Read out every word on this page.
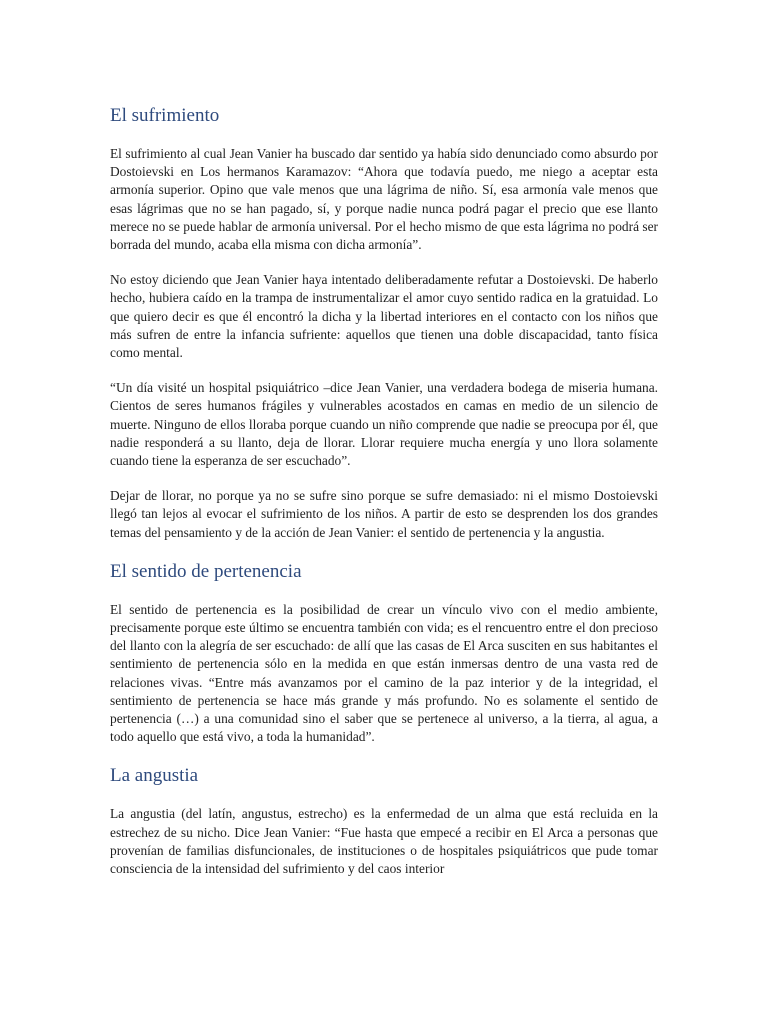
El sufrimiento

El sufrimiento al cual Jean Vanier ha buscado dar sentido ya había sido denunciado como absurdo por Dostoievski en Los hermanos Karamazov: “Ahora que todavía puedo, me niego a aceptar esta armonía superior. Opino que vale menos que una lágrima de niño. Sí, esa armonía vale menos que esas lágrimas que no se han pagado, sí, y porque nadie nunca podrá pagar el precio que ese llanto merece no se puede hablar de armonía universal. Por el hecho mismo de que esta lágrima no podrá ser borrada del mundo, acaba ella misma con dicha armonía”.

No estoy diciendo que Jean Vanier haya intentado deliberadamente refutar a Dostoievski. De haberlo hecho, hubiera caído en la trampa de instrumentalizar el amor cuyo sentido radica en la gratuidad. Lo que quiero decir es que él encontró la dicha y la libertad interiores en el contacto con los niños que más sufren de entre la infancia sufriente: aquellos que tienen una doble discapacidad, tanto física como mental.

“Un día visité un hospital psiquiátrico –dice Jean Vanier, una verdadera bodega de miseria humana. Cientos de seres humanos frágiles y vulnerables acostados en camas en medio de un silencio de muerte. Ninguno de ellos lloraba porque cuando un niño comprende que nadie se preocupa por él, que nadie responderá a su llanto, deja de llorar. Llorar requiere mucha energía y uno llora solamente cuando tiene la esperanza de ser escuchado”.

Dejar de llorar, no porque ya no se sufre sino porque se sufre demasiado: ni el mismo Dostoievski llegó tan lejos al evocar el sufrimiento de los niños. A partir de esto se desprenden los dos grandes temas del pensamiento y de la acción de Jean Vanier: el sentido de pertenencia y la angustia.

El sentido de pertenencia

El sentido de pertenencia es la posibilidad de crear un vínculo vivo con el medio ambiente, precisamente porque este último se encuentra también con vida; es el rencuentro entre el don precioso del llanto con la alegría de ser escuchado: de allí que las casas de El Arca susciten en sus habitantes el sentimiento de pertenencia sólo en la medida en que están inmersas dentro de una vasta red de relaciones vivas. “Entre más avanzamos por el camino de la paz interior y de la integridad, el sentimiento de pertenencia se hace más grande y más profundo. No es solamente el sentido de pertenencia (…) a una comunidad sino el saber que se pertenece al universo, a la tierra, al agua, a todo aquello que está vivo, a toda la humanidad”.

La angustia

La angustia (del latín, angustus, estrecho) es la enfermedad de un alma que está recluida en la estrechez de su nicho. Dice Jean Vanier: “Fue hasta que empecé a recibir en El Arca a personas que provenían de familias disfuncionales, de instituciones o de hospitales psiquiátricos que pude tomar consciencia de la intensidad del sufrimiento y del caos interior
